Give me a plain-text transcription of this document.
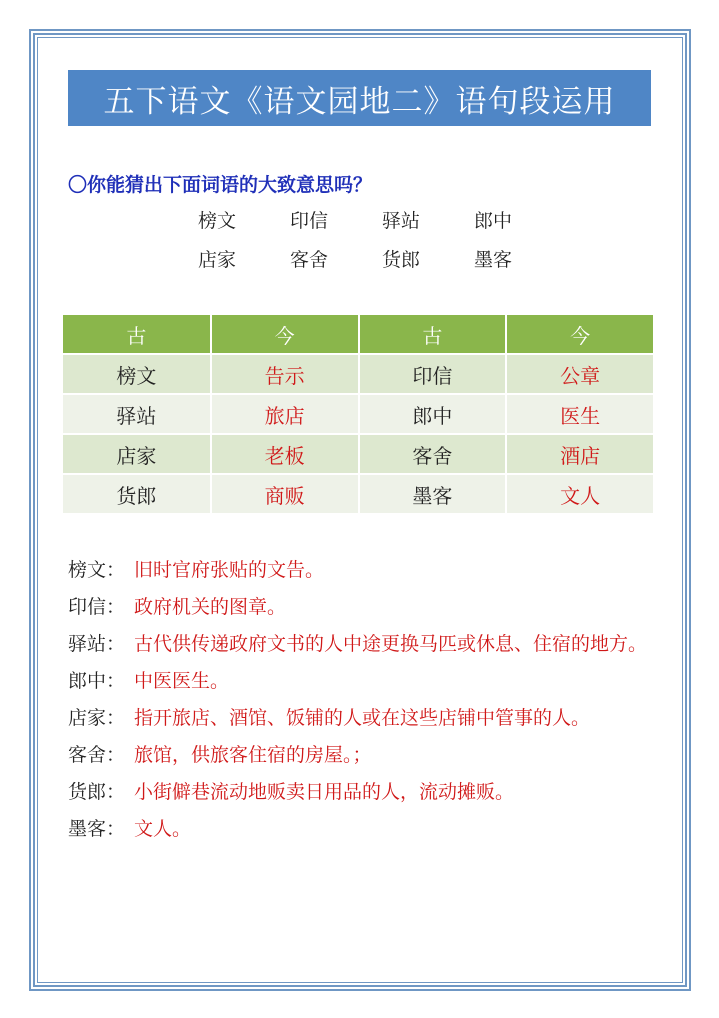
五下语文《语文园地二》语句段运用
〇你能猜出下面词语的大致意思吗？
榜文	印信	驿站	郎中
店家	客舍	货郎	墨客
古	今	古	今
榜文	告示	印信	公章
驿站	旅店	郎中	医生
店家	老板	客舍	酒店
货郎	商贩	墨客	文人
榜文： 旧时官府张贴的文告。
印信： 政府机关的图章。
驿站： 古代供传递政府文书的人中途更换马匹或休息、住宿的地方。
郎中： 中医医生。
店家： 指开旅店、酒馆、饭铺的人或在这些店铺中管事的人。
客舍： 旅馆，供旅客住宿的房屋。；
货郎： 小街僻巷流动地贩卖日用品的人，流动摊贩。
墨客： 文人。
